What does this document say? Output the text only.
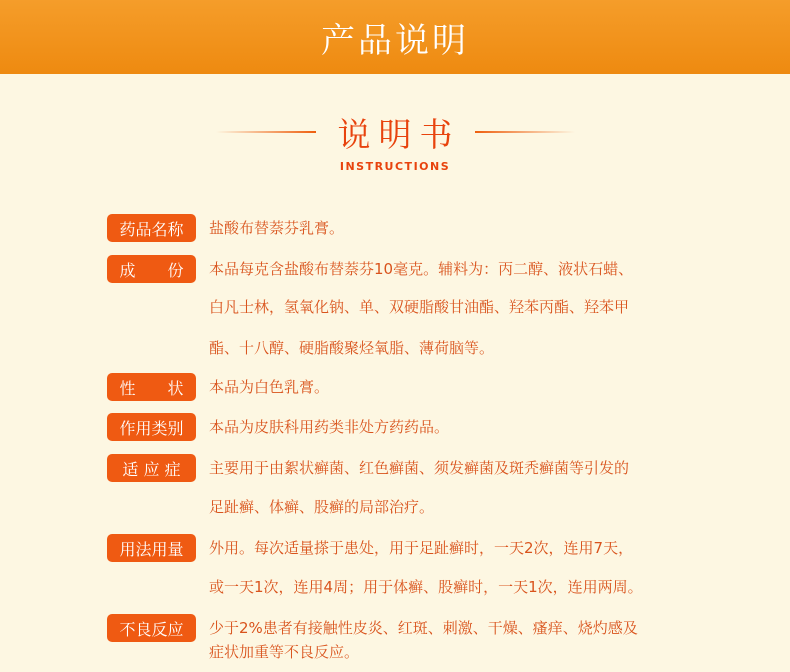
产品说明
说明书
INSTRUCTIONS
药品名称	盐酸布替萘芬乳膏。
成　　份	本品每克含盐酸布替萘芬10毫克。辅料为：丙二醇、液状石蜡、
白凡士林，氢氧化钠、单、双硬脂酸甘油酯、羟苯丙酯、羟苯甲
酯、十八醇、硬脂酸聚烃氧脂、薄荷脑等。
性　　状	本品为白色乳膏。
作用类别	本品为皮肤科用药类非处方药药品。
适 应 症	主要用于由絮状癣菌、红色癣菌、须发癣菌及斑秃癣菌等引发的
足趾癣、体癣、股癣的局部治疗。
用法用量	外用。每次适量搽于患处，用于足趾癣时，一天2次，连用7天，
或一天1次，连用4周；用于体癣、股癣时，一天1次，连用两周。
不良反应	少于2%患者有接触性皮炎、红斑、刺激、干燥、瘙痒、烧灼感及
症状加重等不良反应。
